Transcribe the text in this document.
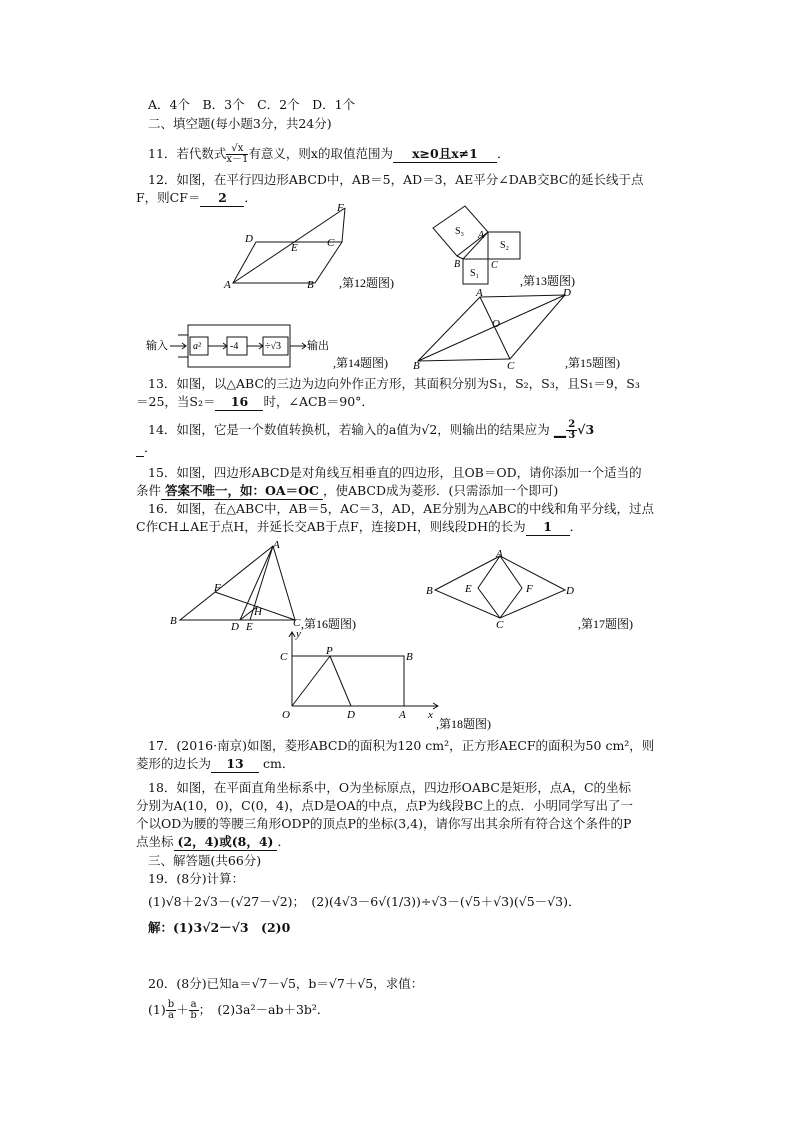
A．4个　B．3个　C．2个　D．1个
二、填空题(每小题3分，共24分)
11．若代数式 $\frac{√x}{x-1}$ 有意义，则x的取值范围为 x≥0且x≠1 ．
12．如图，在平行四边形ABCD中，AB＝5，AD＝3，AE平分∠DAB交BC的延长线于点
F，则CF＝ 2 ．
A	B
C
D
E
F
,第12题图)
S₃
S₂
S₁
A
B	C
,第13题图)
输入	a²	-4	÷√3 输出
,第14题图)
A	D
C
B
O
,第15题图)
13．如图，以△ABC的三边为边向外作正方形，其面积分别为S₁，S₂，S₃，且S₁＝9，S₃
＝25，当S₂＝ 16 时，∠ACB＝90°．
14．如图，它是一个数值转换机，若输入的a值为√2，则输出的结果应为 __ $\frac{2}{3} √3$
．
15．如图，四边形ABCD是对角线互相垂直的四边形，且OB＝OD，请你添加一个适当的
条件 答案不唯一，如：OA＝OC ，使ABCD成为菱形．(只需添加一个即可)
16．如图，在△ABC中，AB＝5，AC＝3，AD，AE分别为△ABC的中线和角平分线，过点
C作CH⊥AE于点H，并延长交AB于点F，连接DH，则线段DH的长为 1 ．
A
B	C
D E
F
H
,第16题图)
A
D
C
B	E	F
,第17题图)
y
C	P	B
O	D	A x
,第18题图)
17．(2016·南京)如图，菱形ABCD的面积为120 cm²，正方形AECF的面积为50 cm²，则
菱形的边长为 13 cm．
18．如图，在平面直角坐标系中，O为坐标原点，四边形OABC是矩形，点A，C的坐标
分别为A(10，0)，C(0，4)，点D是OA的中点，点P为线段BC上的点．小明同学写出了一
个以OD为腰的等腰三角形ODP的顶点P的坐标(3,4)，请你写出其余所有符合这个条件的P
点坐标 (2，4)或(8，4) ．
三、解答题(共66分)
19．(8分)计算：
(1)√8＋2√3－(√27－√2)；　 (2)(4√3－6√(1/3))÷√3－(√5＋√3)(√5－√3)．
解：(1)3√2－√3　(2)0
20．(8分)已知a＝√7－√5，b＝√7＋√5，求值：
$(1) \frac{b}{a} + \frac{a}{b}$ ；　 (2)3a²－ab＋3b²．
